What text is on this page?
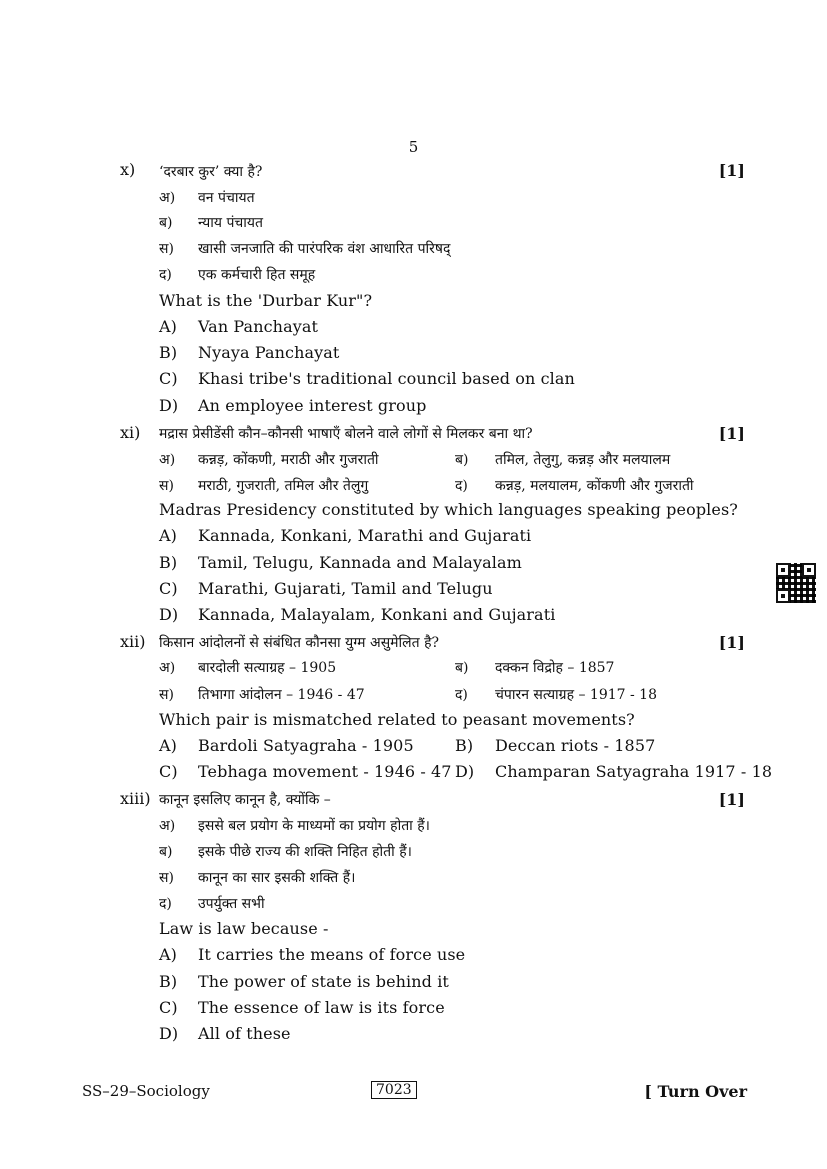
5
x) ‘दरबार कुर’ क्या है?	[1]
अ) वन पंचायत
ब) न्याय पंचायत
स) खासी जनजाति की पारंपरिक वंश आधारित परिषद्
द) एक कर्मचारी हित समूह
What is the 'Durbar Kur"?
A) Van Panchayat
B) Nyaya Panchayat
C) Khasi tribe's traditional council based on clan
D) An employee interest group
xi) मद्रास प्रेसीडेंसी कौन–कौनसी भाषाएँ बोलने वाले लोगों से मिलकर बना था?	[1]
अ) कन्नड़, कोंकणी, मराठी और गुजराती	ब) तमिल, तेलुगु, कन्नड़ और मलयालम
स) मराठी, गुजराती, तमिल और तेलुगु	द) कन्नड़, मलयालम, कोंकणी और गुजराती
Madras Presidency constituted by which languages speaking peoples?
A) Kannada, Konkani, Marathi and Gujarati
B) Tamil, Telugu, Kannada and Malayalam
C) Marathi, Gujarati, Tamil and Telugu
D) Kannada, Malayalam, Konkani and Gujarati
xii) किसान आंदोलनों से संबंधित कौनसा युग्म असुमेलित है?	[1]
अ) बारदोली सत्याग्रह – 1905	ब) दक्कन विद्रोह – 1857
स) तिभागा आंदोलन – 1946 - 47	द) चंपारन सत्याग्रह – 1917 - 18
Which pair is mismatched related to peasant movements?
A) Bardoli Satyagraha - 1905	B) Deccan riots - 1857
C) Tebhaga movement - 1946 - 47 D) Champaran Satyagraha 1917 - 18
xiii) कानून इसलिए कानून है, क्योंकि –	[1]
अ) इससे बल प्रयोग के माध्यमों का प्रयोग होता हैं।
ब) इसके पीछे राज्य की शक्ति निहित होती हैं।
स) कानून का सार इसकी शक्ति हैं।
द) उपर्युक्त सभी
Law is law because -
A) It carries the means of force use
B) The power of state is behind it
C) The essence of law is its force
D) All of these
SS–29–Sociology	7023	[ Turn Over
